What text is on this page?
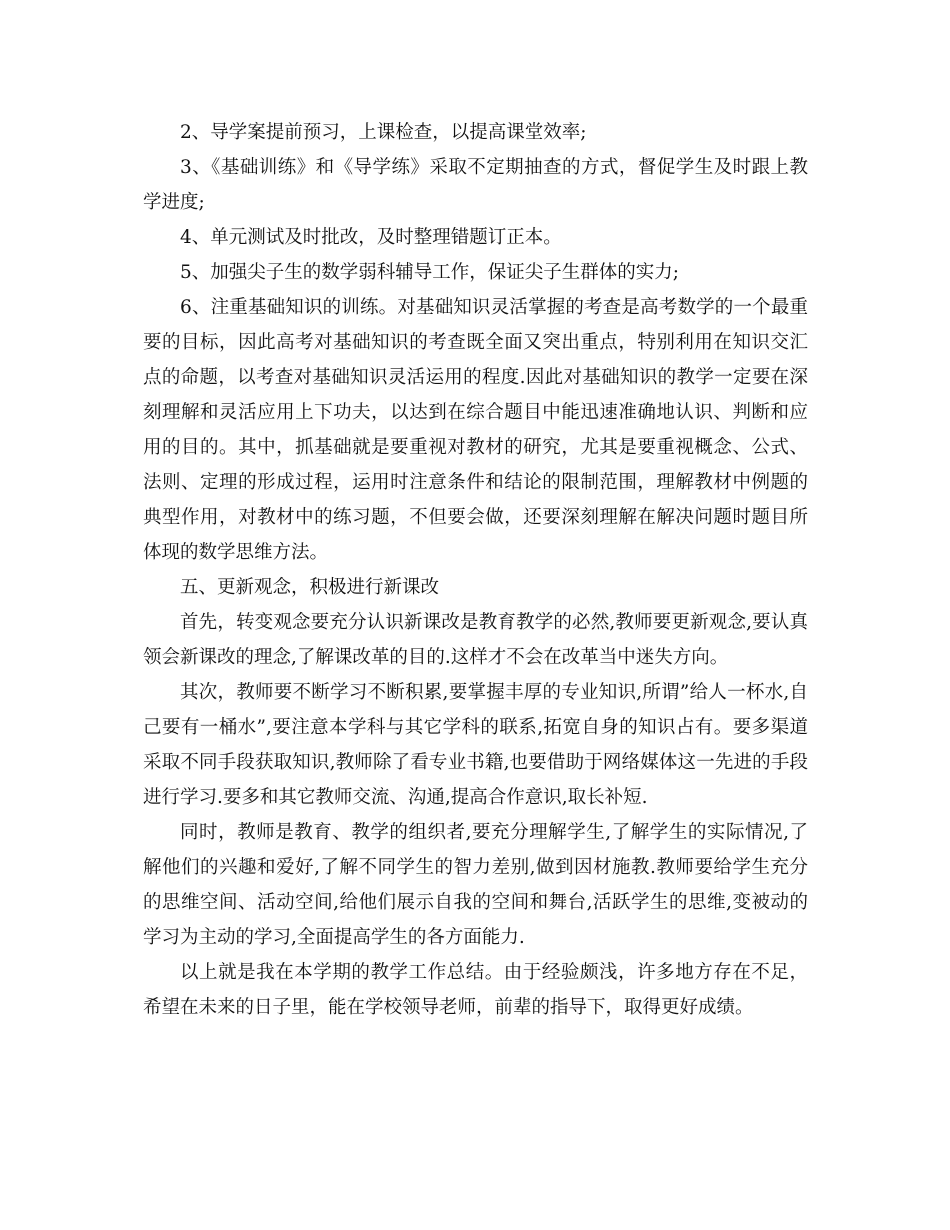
2、导学案提前预习，上课检查，以提高课堂效率;

3、《基础训练》和《导学练》采取不定期抽查的方式，督促学生及时跟上教学进度;

4、单元测试及时批改，及时整理错题订正本。

5、加强尖子生的数学弱科辅导工作，保证尖子生群体的实力;

6、注重基础知识的训练。对基础知识灵活掌握的考查是高考数学的一个最重要的目标，因此高考对基础知识的考查既全面又突出重点，特别利用在知识交汇点的命题，以考查对基础知识灵活运用的程度.因此对基础知识的教学一定要在深刻理解和灵活应用上下功夫，以达到在综合题目中能迅速准确地认识、判断和应用的目的。其中，抓基础就是要重视对教材的研究，尤其是要重视概念、公式、法则、定理的形成过程，运用时注意条件和结论的限制范围，理解教材中例题的典型作用，对教材中的练习题，不但要会做，还要深刻理解在解决问题时题目所体现的数学思维方法。

五、更新观念，积极进行新课改

首先，转变观念要充分认识新课改是教育教学的必然,教师要更新观念,要认真领会新课改的理念,了解课改革的目的.这样才不会在改革当中迷失方向。

其次，教师要不断学习不断积累,要掌握丰厚的专业知识,所谓”给人一杯水,自己要有一桶水”,要注意本学科与其它学科的联系,拓宽自身的知识占有。要多渠道采取不同手段获取知识,教师除了看专业书籍,也要借助于网络媒体这一先进的手段进行学习.要多和其它教师交流、沟通,提高合作意识,取长补短.

同时，教师是教育、教学的组织者,要充分理解学生,了解学生的实际情况,了解他们的兴趣和爱好,了解不同学生的智力差别,做到因材施教.教师要给学生充分的思维空间、活动空间,给他们展示自我的空间和舞台,活跃学生的思维,变被动的学习为主动的学习,全面提高学生的各方面能力.

以上就是我在本学期的教学工作总结。由于经验颇浅，许多地方存在不足，希望在未来的日子里，能在学校领导老师，前辈的指导下，取得更好成绩。
